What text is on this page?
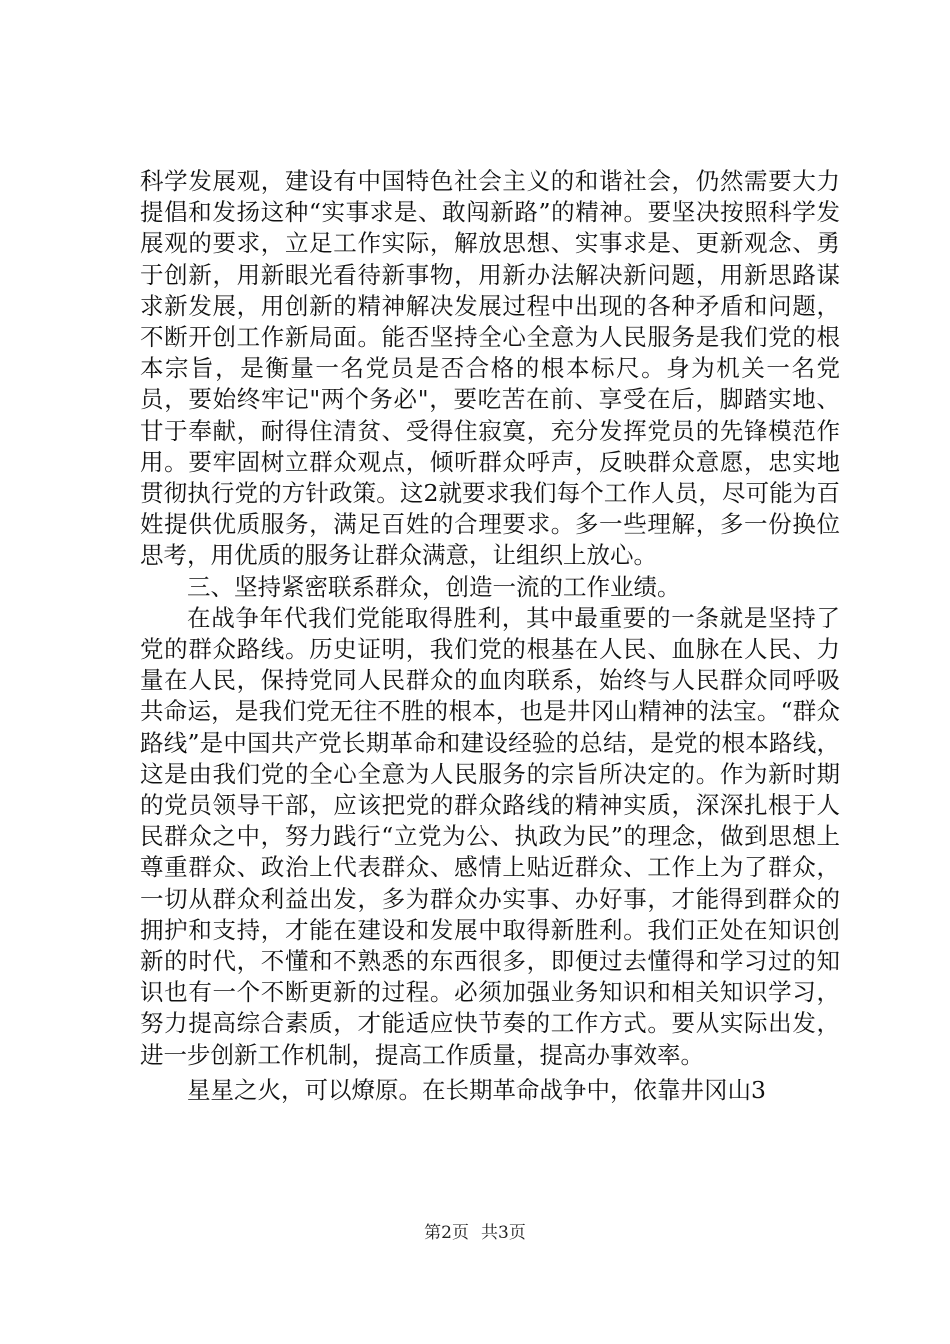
科学发展观，建设有中国特色社会主义的和谐社会，仍然需要大力提倡和发扬这种“实事求是、敢闯新路”的精神。要坚决按照科学发展观的要求，立足工作实际，解放思想、实事求是、更新观念、勇于创新，用新眼光看待新事物，用新办法解决新问题，用新思路谋求新发展，用创新的精神解决发展过程中出现的各种矛盾和问题，不断开创工作新局面。能否坚持全心全意为人民服务是我们党的根本宗旨，是衡量一名党员是否合格的根本标尺。身为机关一名党员，要始终牢记"两个务必"，要吃苦在前、享受在后，脚踏实地、甘于奉献，耐得住清贫、受得住寂寞，充分发挥党员的先锋模范作用。要牢固树立群众观点，倾听群众呼声，反映群众意愿，忠实地贯彻执行党的方针政策。这2就要求我们每个工作人员，尽可能为百姓提供优质服务，满足百姓的合理要求。多一些理解，多一份换位思考，用优质的服务让群众满意，让组织上放心。

三、坚持紧密联系群众，创造一流的工作业绩。

在战争年代我们党能取得胜利，其中最重要的一条就是坚持了党的群众路线。历史证明，我们党的根基在人民、血脉在人民、力量在人民，保持党同人民群众的血肉联系，始终与人民群众同呼吸共命运，是我们党无往不胜的根本，也是井冈山精神的法宝。“群众路线”是中国共产党长期革命和建设经验的总结，是党的根本路线，这是由我们党的全心全意为人民服务的宗旨所决定的。作为新时期的党员领导干部，应该把党的群众路线的精神实质，深深扎根于人民群众之中，努力践行“立党为公、执政为民”的理念，做到思想上尊重群众、政治上代表群众、感情上贴近群众、工作上为了群众，一切从群众利益出发，多为群众办实事、办好事，才能得到群众的拥护和支持，才能在建设和发展中取得新胜利。我们正处在知识创新的时代，不懂和不熟悉的东西很多，即便过去懂得和学习过的知识也有一个不断更新的过程。必须加强业务知识和相关知识学习，努力提高综合素质，才能适应快节奏的工作方式。要从实际出发，进一步创新工作机制，提高工作质量，提高办事效率。

星星之火，可以燎原。在长期革命战争中，依靠井冈山3

第2页 共3页
